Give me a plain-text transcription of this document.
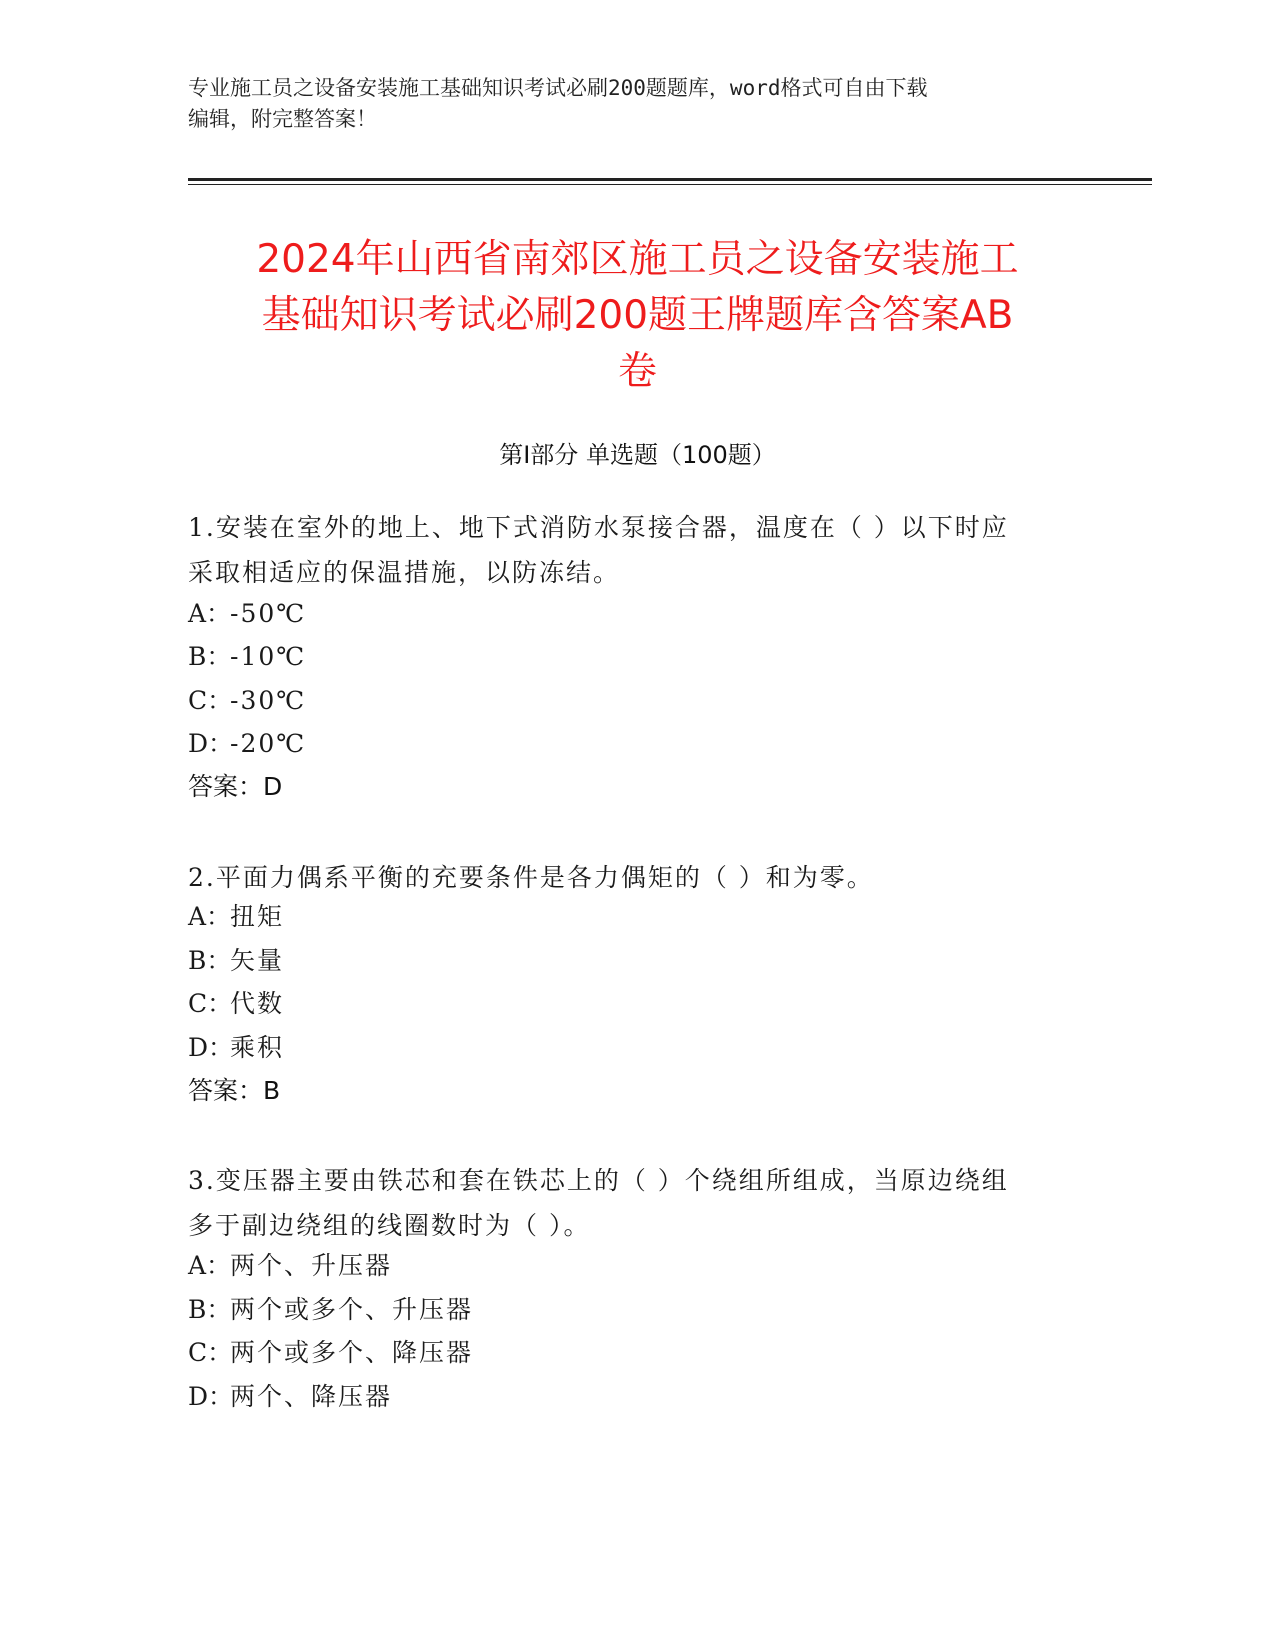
专业施工员之设备安装施工基础知识考试必刷200题题库，word格式可自由下载
编辑，附完整答案！
2024年山西省南郊区施工员之设备安装施工
基础知识考试必刷200题王牌题库含答案AB
卷
第Ⅰ部分 单选题（100题）
1.安装在室外的地上、地下式消防水泵接合器，温度在（ ）以下时应
采取相适应的保温措施，以防冻结。
A：-50℃
B：-10℃
C：-30℃
D：-20℃
答案：D
2.平面力偶系平衡的充要条件是各力偶矩的（ ）和为零。
A：扭矩
B：矢量
C：代数
D：乘积
答案：B
3.变压器主要由铁芯和套在铁芯上的（ ）个绕组所组成，当原边绕组
多于副边绕组的线圈数时为（ ）。
A：两个、升压器
B：两个或多个、升压器
C：两个或多个、降压器
D：两个、降压器
